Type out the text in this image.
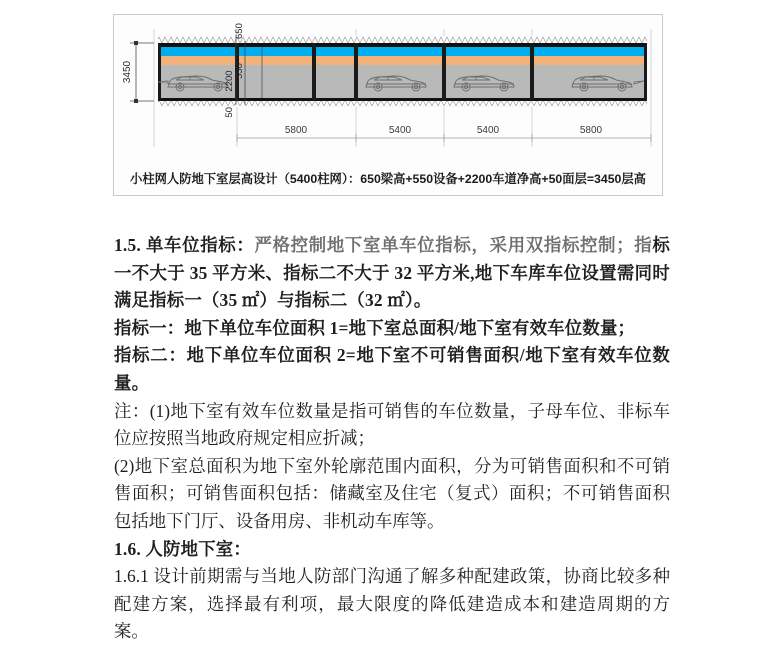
3450
650
550
2200
50
5800	5400	5400	5800
小柱网人防地下室层高设计（5400柱网）：650梁高+550设备+2200车道净高+50面层=3450层高

1.5. 单车位指标：严格控制地下室单车位指标，采用双指标控制；指标一不大于 35 平方米、指标二不大于 32 平方米,地下车库车位设置需同时满足指标一（35 ㎡）与指标二（32 ㎡）。

指标一：地下单位车位面积 1=地下室总面积/地下室有效车位数量；

指标二：地下单位车位面积 2=地下室不可销售面积/地下室有效车位数量。

注：(1)地下室有效车位数量是指可销售的车位数量，子母车位、非标车位应按照当地政府规定相应折减；

(2)地下室总面积为地下室外轮廓范围内面积，分为可销售面积和不可销售面积；可销售面积包括：储藏室及住宅（复式）面积；不可销售面积包括地下门厅、设备用房、非机动车库等。

1.6. 人防地下室：

1.6.1 设计前期需与当地人防部门沟通了解多种配建政策，协商比较多种配建方案，选择最有利项，最大限度的降低建造成本和建造周期的方案。
